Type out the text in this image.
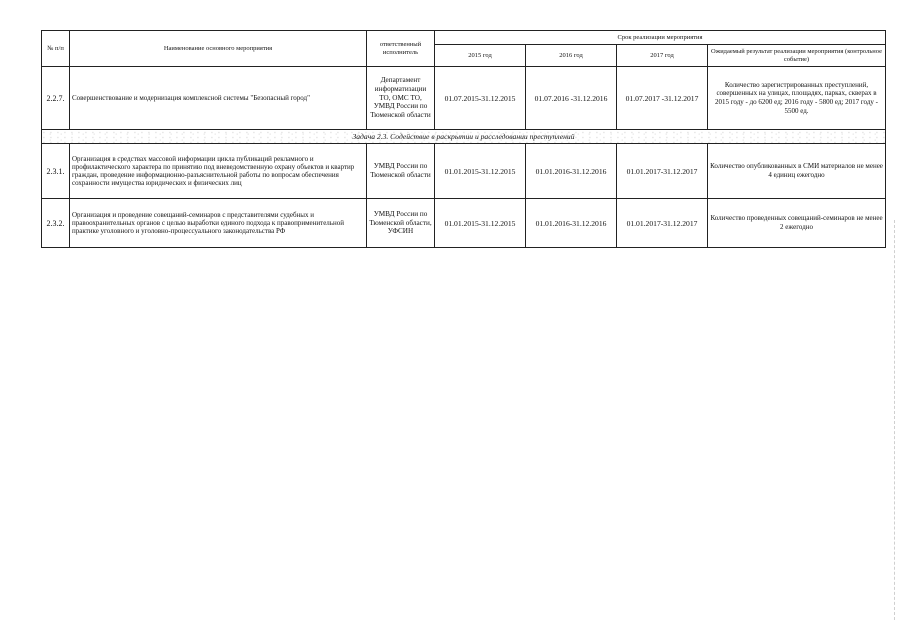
№ п/п	Наименование основного мероприятия	ответственный исполнитель	Срок реализации мероприятия			
			2015 год	2016 год	2017 год	Ожидаемый результат реализации мероприятия (контрольное событие)
2.2.7.	Совершенствование и модернизация комплексной системы "Безопасный город"	Департамент информатизации ТО, ОМС ТО, УМВД России по Тюменской области	01.07.2015-31.12.2015	01.07.2016 -31.12.2016	01.07.2017 -31.12.2017	Количество зарегистрированных преступлений, совершенных на улицах, площадях, парках, скверах в 2015 году - до 6200 ед; 2016 году - 5800 ед; 2017 году - 5500 ед.
Задача 2.3. Содействие в раскрытии и расследовании преступлений						
2.3.1.	Организация в средствах массовой информации цикла публикаций рекламного и профилактического характера по принятию под вневедомственную охрану объектов и квартир граждан, проведение информационно-разъяснительной работы по вопросам обеспечения сохранности имущества юридических и физических лиц	УМВД России по Тюменской области	01.01.2015-31.12.2015	01.01.2016-31.12.2016	01.01.2017-31.12.2017	Количество опубликованных в СМИ материалов не менее 4 единиц ежегодно
2.3.2.	Организация и проведение совещаний-семинаров с представителями судебных и правоохранительных органов с целью выработки единого подхода к правоприменительной практике уголовного и уголовно-процессуального законодательства РФ	УМВД России по Тюменской области, УФСИН	01.01.2015-31.12.2015	01.01.2016-31.12.2016	01.01.2017-31.12.2017	Количество проведенных совещаний-семинаров не менее 2 ежегодно
